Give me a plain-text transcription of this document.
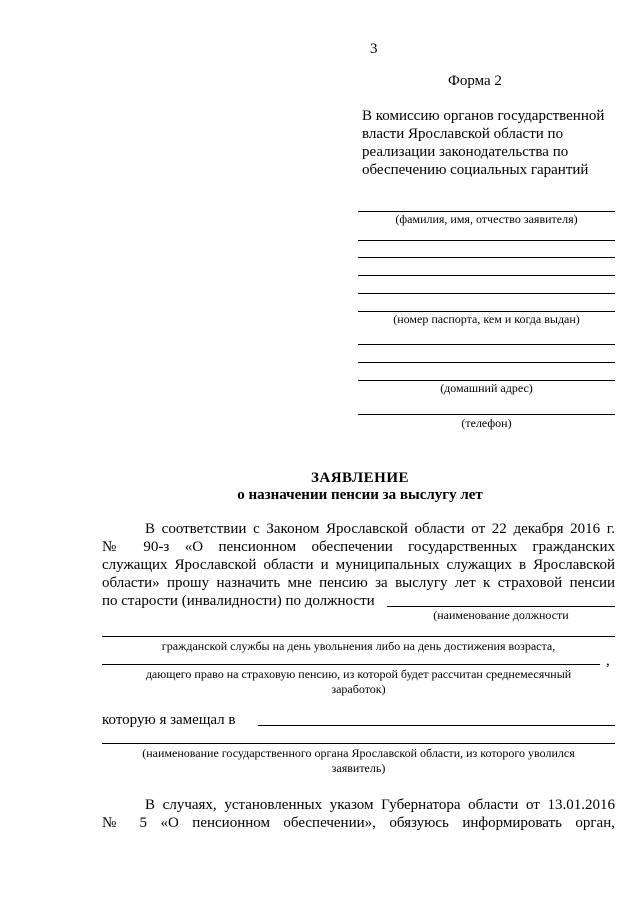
3
Форма 2
В комиссию органов государственной
власти Ярославской области по
реализации законодательства по
обеспечению социальных гарантий
(фамилия, имя, отчество заявителя)
(номер паспорта, кем и когда выдан)
(домашний адрес)
(телефон)
ЗАЯВЛЕНИЕ
о назначении пенсии за выслугу лет
В соответствии с Законом Ярославской области от 22 декабря 2016 г.
№ 90-з «О пенсионном обеспечении государственных гражданских
служащих Ярославской области и муниципальных служащих в Ярославской
области» прошу назначить мне пенсию за выслугу лет к страховой пенсии
по старости (инвалидности) по должности
(наименование должности
гражданской службы на день увольнения либо на день достижения возраста,
,
дающего право на страховую пенсию, из которой будет рассчитан среднемесячный
заработок)
которую я замещал в
(наименование государственного органа Ярославской области, из которого уволился
заявитель)
В случаях, установленных указом Губернатора области от 13.01.2016
№ 5 «О пенсионном обеспечении», обязуюсь информировать орган,
